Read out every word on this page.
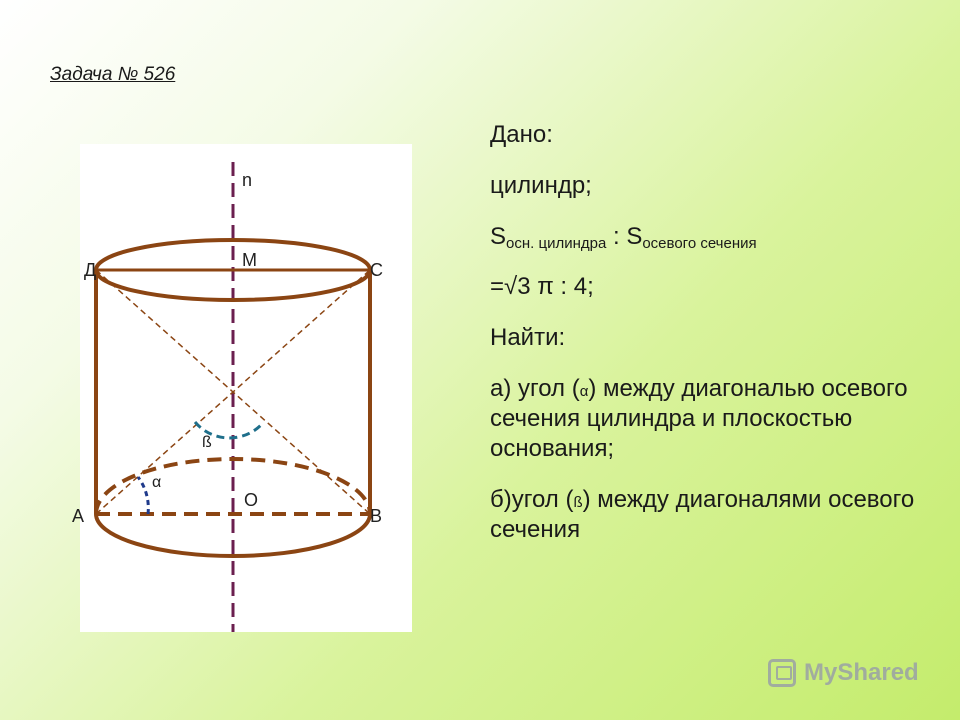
Задача № 526
n
M
Д	C
ß
α
O
A	B
Дано:
цилиндр;
$S_{осн. цилиндра}$ : $S_{осевого сечения}$
=√3 π : 4;
Найти:
а) угол (α) между диагональю осевого сечения цилиндра и плоскостью основания;
б)угол (ß) между диагоналями осевого сечения
MyShared
